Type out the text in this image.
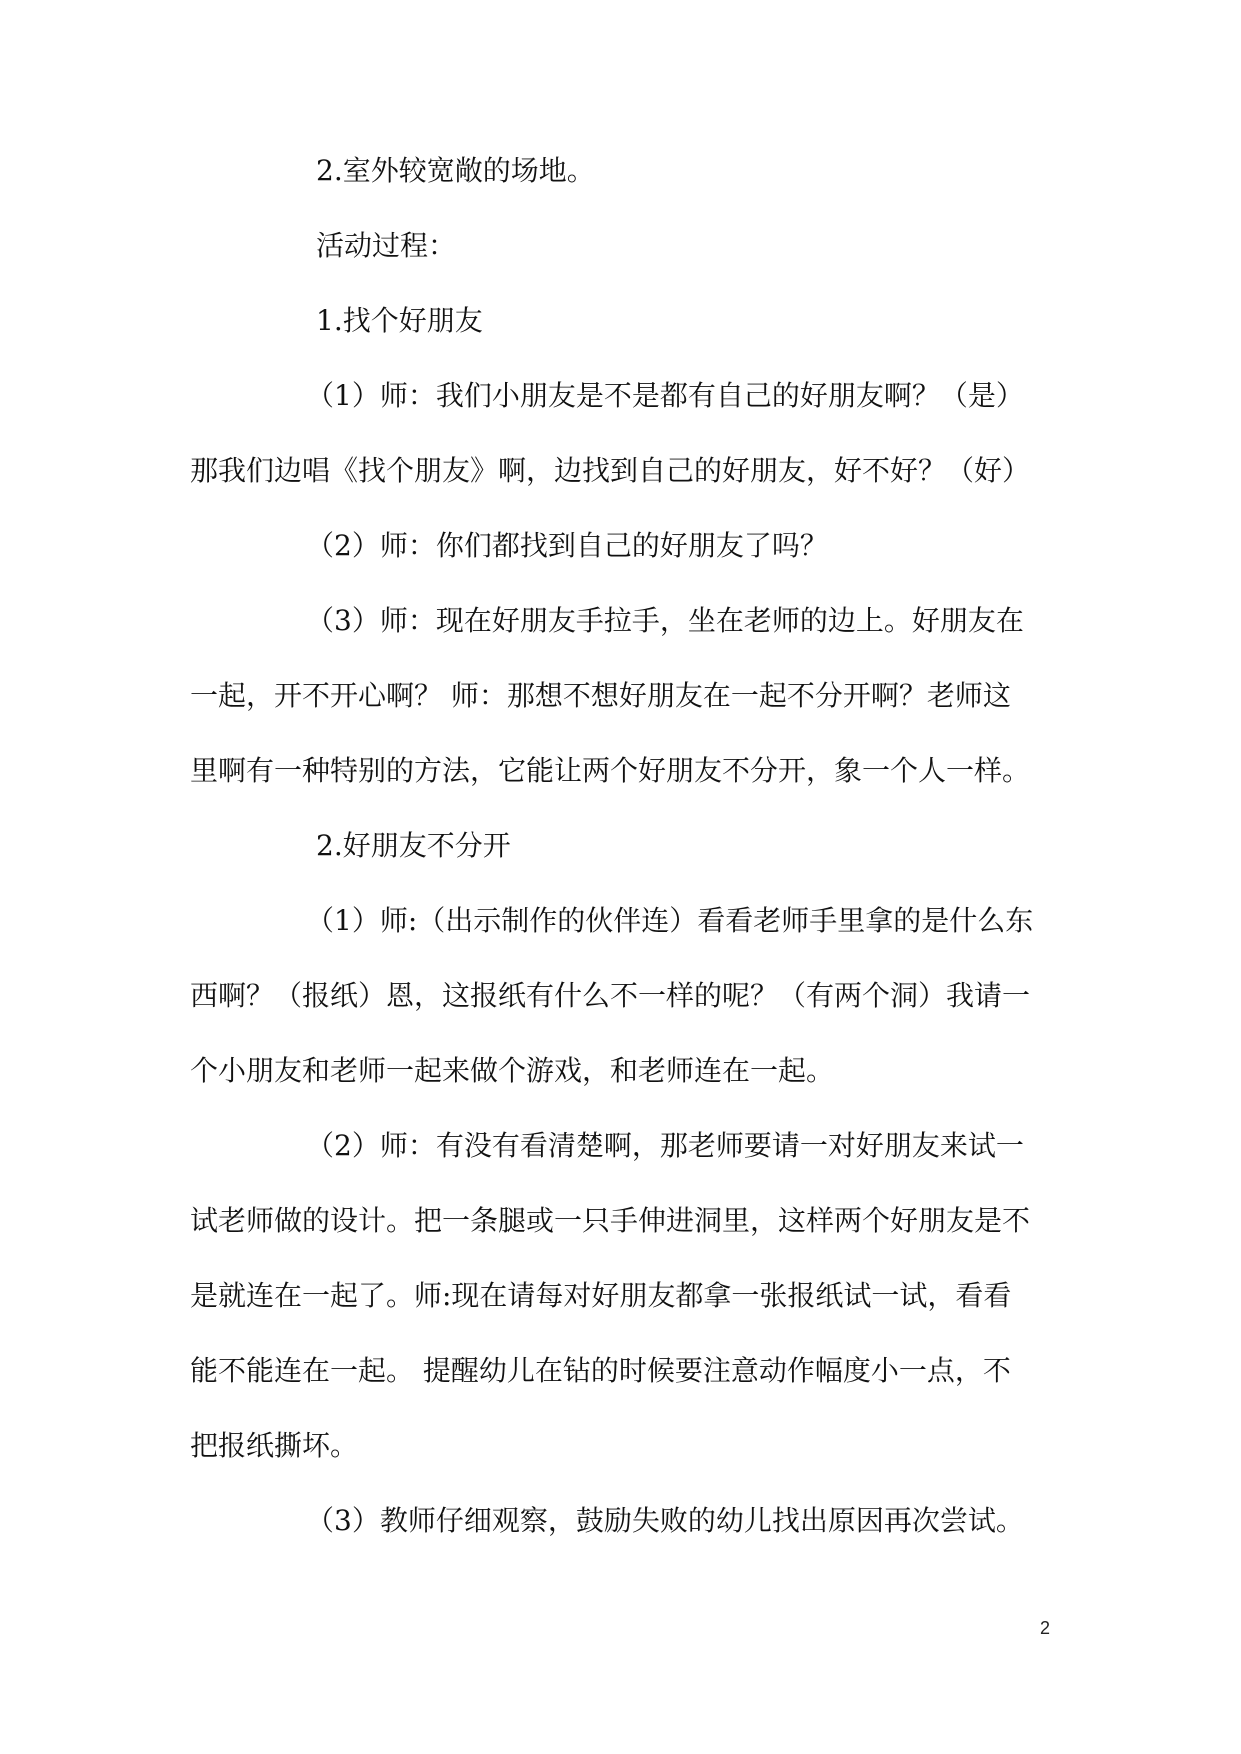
2.室外较宽敞的场地。
活动过程：
1.找个好朋友
（1）师：我们小朋友是不是都有自己的好朋友啊？（是）
那我们边唱《找个朋友》啊，边找到自己的好朋友，好不好？（好）
（2）师：你们都找到自己的好朋友了吗？
（3）师：现在好朋友手拉手，坐在老师的边上。好朋友在
一起，开不开心啊？ 师：那想不想好朋友在一起不分开啊？老师这
里啊有一种特别的方法，它能让两个好朋友不分开，象一个人一样。
2.好朋友不分开
（1）师:（出示制作的伙伴连）看看老师手里拿的是什么东
西啊？（报纸）恩，这报纸有什么不一样的呢？（有两个洞）我请一
个小朋友和老师一起来做个游戏，和老师连在一起。
（2）师：有没有看清楚啊，那老师要请一对好朋友来试一
试老师做的设计。把一条腿或一只手伸进洞里，这样两个好朋友是不
是就连在一起了。师:现在请每对好朋友都拿一张报纸试一试，看看
能不能连在一起。 提醒幼儿在钻的时候要注意动作幅度小一点，不
把报纸撕坏。
（3）教师仔细观察，鼓励失败的幼儿找出原因再次尝试。
2
